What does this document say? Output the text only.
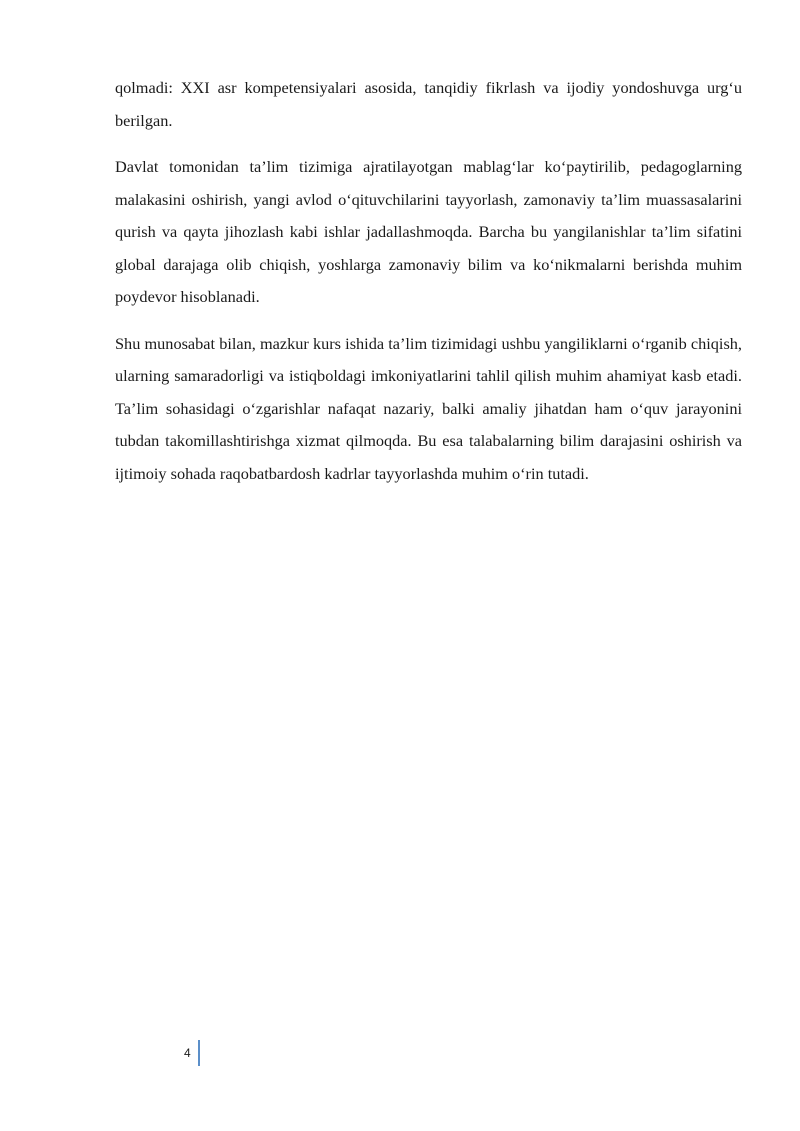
qolmadi: XXI asr kompetensiyalari asosida, tanqidiy fikrlash va ijodiy yondoshuvga urg‘u berilgan.

Davlat tomonidan ta’lim tizimiga ajratilayotgan mablag‘lar ko‘paytirilib, pedagoglarning malakasini oshirish, yangi avlod o‘qituvchilarini tayyorlash, zamonaviy ta’lim muassasalarini qurish va qayta jihozlash kabi ishlar jadallashmoqda. Barcha bu yangilanishlar ta’lim sifatini global darajaga olib chiqish, yoshlarga zamonaviy bilim va ko‘nikmalarni berishda muhim poydevor hisoblanadi.

Shu munosabat bilan, mazkur kurs ishida ta’lim tizimidagi ushbu yangiliklarni o‘rganib chiqish, ularning samaradorligi va istiqboldagi imkoniyatlarini tahlil qilish muhim ahamiyat kasb etadi. Ta’lim sohasidagi o‘zgarishlar nafaqat nazariy, balki amaliy jihatdan ham o‘quv jarayonini tubdan takomillashtirishga xizmat qilmoqda. Bu esa talabalarning bilim darajasini oshirish va ijtimoiy sohada raqobatbardosh kadrlar tayyorlashda muhim o‘rin tutadi.

4
